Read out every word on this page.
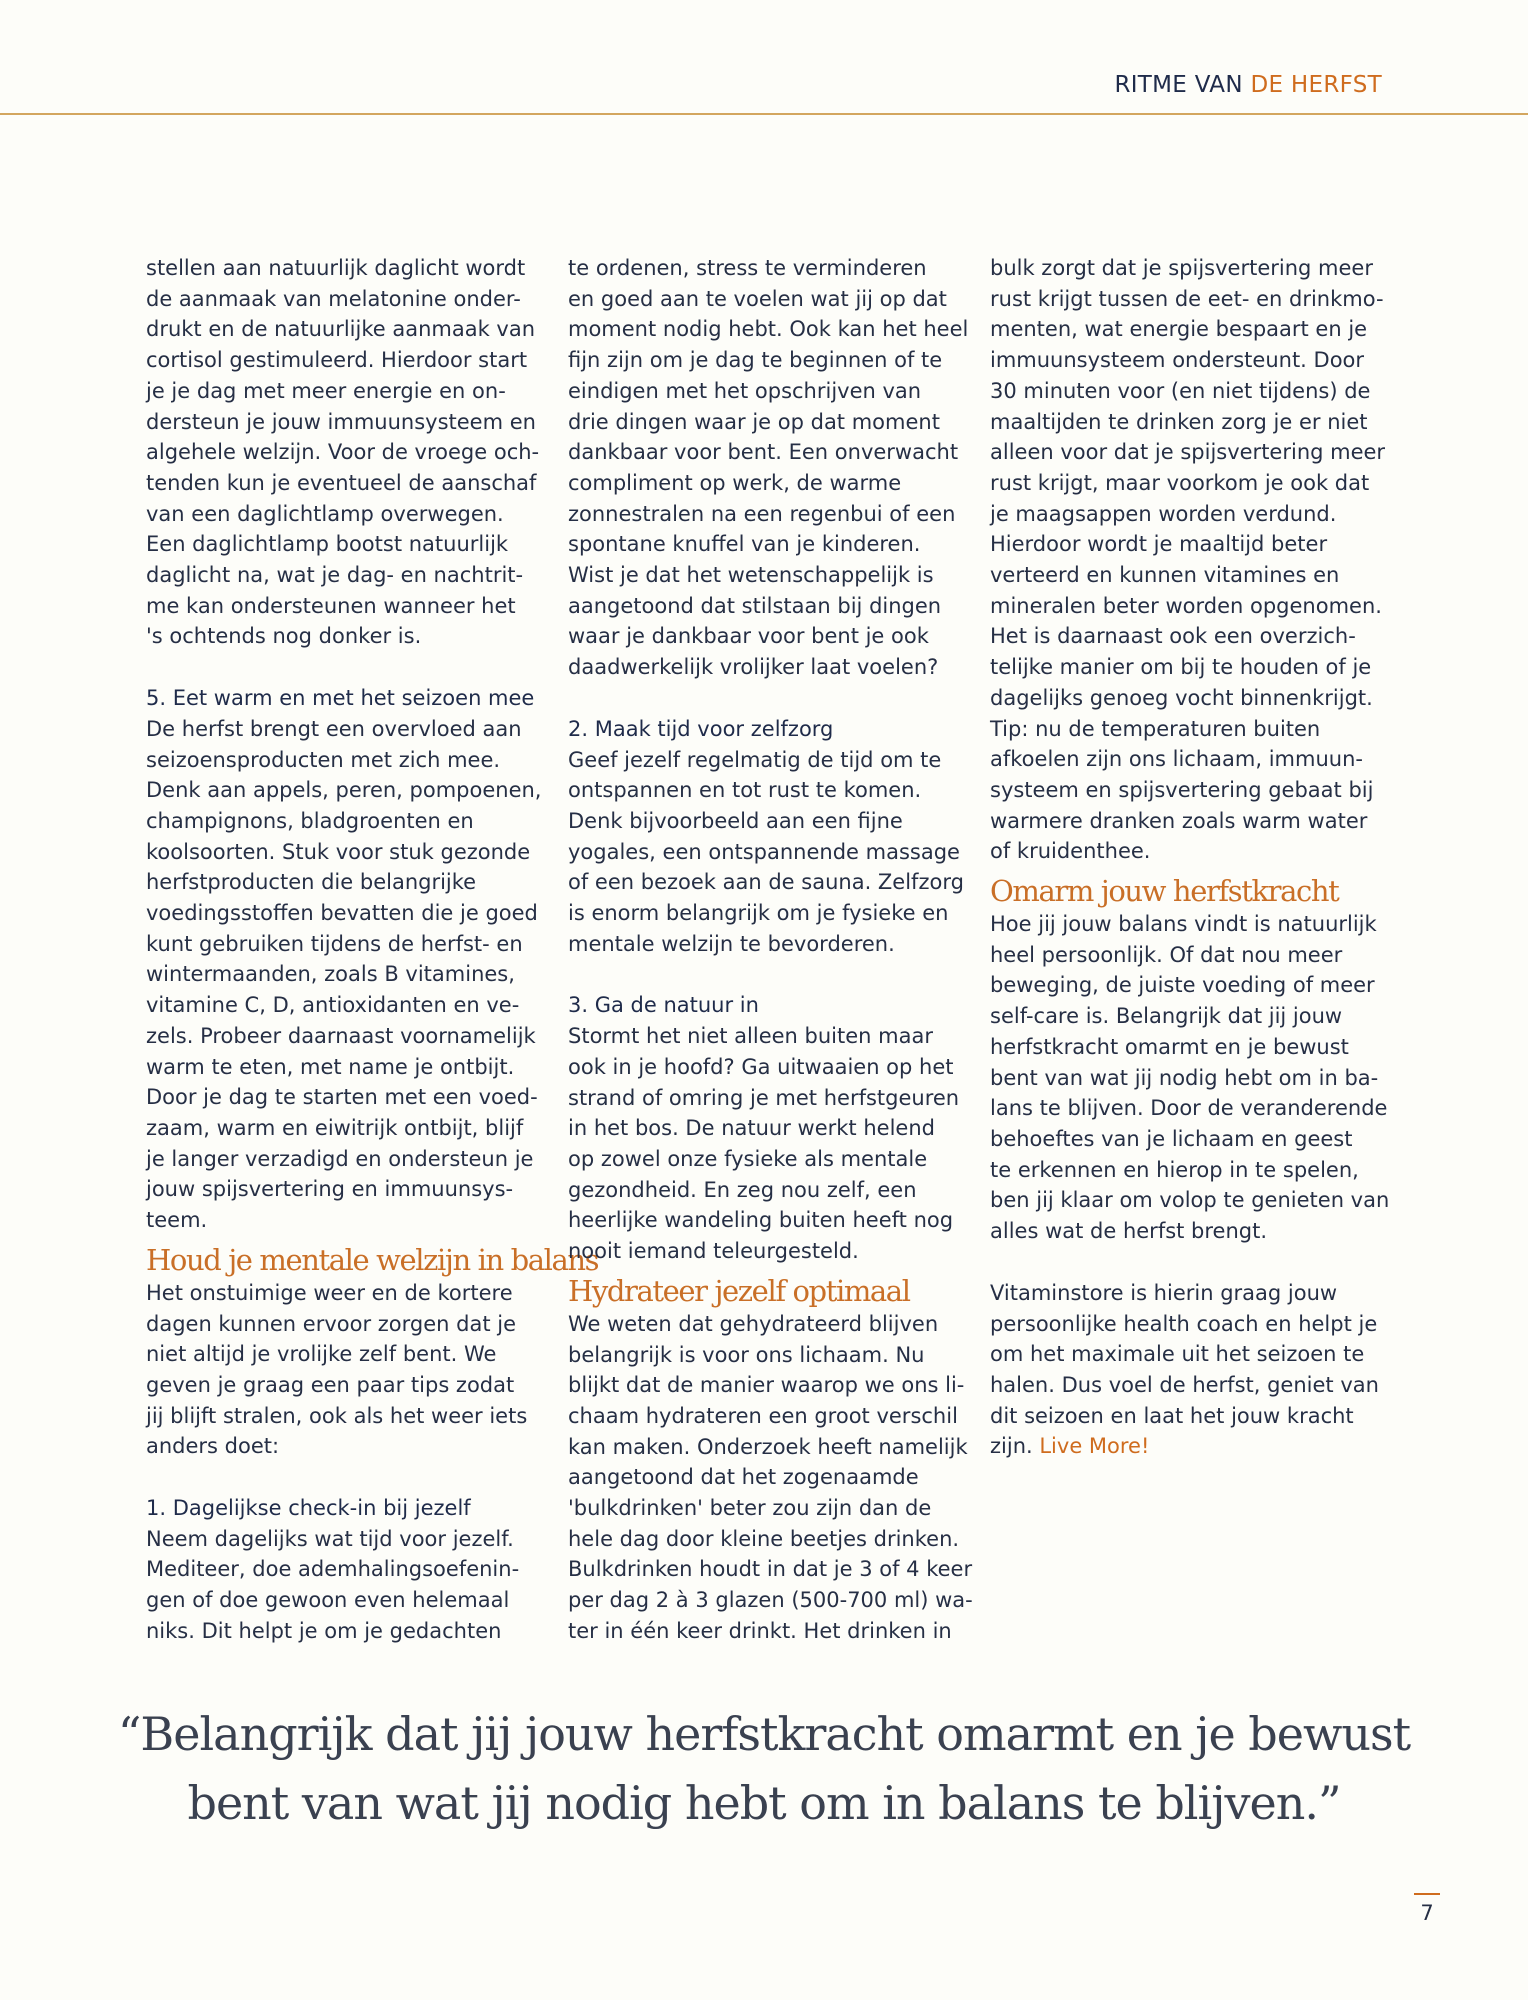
RITME VAN DE HERFST

stellen aan natuurlijk daglicht wordt
de aanmaak van melatonine onder-
drukt en de natuurlijke aanmaak van
cortisol gestimuleerd. Hierdoor start
je je dag met meer energie en on-
dersteun je jouw immuunsysteem en
algehele welzijn. Voor de vroege och-
tenden kun je eventueel de aanschaf
van een daglichtlamp overwegen.
Een daglichtlamp bootst natuurlijk
daglicht na, wat je dag- en nachtrit-
me kan ondersteunen wanneer het
's ochtends nog donker is.

5. Eet warm en met het seizoen mee

De herfst brengt een overvloed aan
seizoensproducten met zich mee.
Denk aan appels, peren, pompoenen,
champignons, bladgroenten en
koolsoorten. Stuk voor stuk gezonde
herfstproducten die belangrijke
voedingsstoffen bevatten die je goed
kunt gebruiken tijdens de herfst- en
wintermaanden, zoals B vitamines,
vitamine C, D, antioxidanten en ve-
zels. Probeer daarnaast voornamelijk
warm te eten, met name je ontbijt.
Door je dag te starten met een voed-
zaam, warm en eiwitrijk ontbijt, blijf
je langer verzadigd en ondersteun je
jouw spijsvertering en immuunsys-
teem.

Houd je mentale welzijn in balans

Het onstuimige weer en de kortere
dagen kunnen ervoor zorgen dat je
niet altijd je vrolijke zelf bent. We
geven je graag een paar tips zodat
jij blijft stralen, ook als het weer iets
anders doet:

1. Dagelijkse check-in bij jezelf

Neem dagelijks wat tijd voor jezelf.
Mediteer, doe ademhalingsoefenin-
gen of doe gewoon even helemaal
niks. Dit helpt je om je gedachten

te ordenen, stress te verminderen
en goed aan te voelen wat jij op dat
moment nodig hebt. Ook kan het heel
fijn zijn om je dag te beginnen of te
eindigen met het opschrijven van
drie dingen waar je op dat moment
dankbaar voor bent. Een onverwacht
compliment op werk, de warme
zonnestralen na een regenbui of een
spontane knuffel van je kinderen.
Wist je dat het wetenschappelijk is
aangetoond dat stilstaan bij dingen
waar je dankbaar voor bent je ook
daadwerkelijk vrolijker laat voelen?

2. Maak tijd voor zelfzorg

Geef jezelf regelmatig de tijd om te
ontspannen en tot rust te komen.
Denk bijvoorbeeld aan een fijne
yogales, een ontspannende massage
of een bezoek aan de sauna. Zelfzorg
is enorm belangrijk om je fysieke en
mentale welzijn te bevorderen.

3. Ga de natuur in

Stormt het niet alleen buiten maar
ook in je hoofd? Ga uitwaaien op het
strand of omring je met herfstgeuren
in het bos. De natuur werkt helend
op zowel onze fysieke als mentale
gezondheid. En zeg nou zelf, een
heerlijke wandeling buiten heeft nog
nooit iemand teleurgesteld.

Hydrateer jezelf optimaal

We weten dat gehydrateerd blijven
belangrijk is voor ons lichaam. Nu
blijkt dat de manier waarop we ons li-
chaam hydrateren een groot verschil
kan maken. Onderzoek heeft namelijk
aangetoond dat het zogenaamde
'bulkdrinken' beter zou zijn dan de
hele dag door kleine beetjes drinken.
Bulkdrinken houdt in dat je 3 of 4 keer
per dag 2 à 3 glazen (500-700 ml) wa-
ter in één keer drinkt. Het drinken in

bulk zorgt dat je spijsvertering meer
rust krijgt tussen de eet- en drinkmo-
menten, wat energie bespaart en je
immuunsysteem ondersteunt. Door
30 minuten voor (en niet tijdens) de
maaltijden te drinken zorg je er niet
alleen voor dat je spijsvertering meer
rust krijgt, maar voorkom je ook dat
je maagsappen worden verdund.
Hierdoor wordt je maaltijd beter
verteerd en kunnen vitamines en
mineralen beter worden opgenomen.
Het is daarnaast ook een overzich-
telijke manier om bij te houden of je
dagelijks genoeg vocht binnenkrijgt.
Tip: nu de temperaturen buiten
afkoelen zijn ons lichaam, immuun-
systeem en spijsvertering gebaat bij
warmere dranken zoals warm water
of kruidenthee.

Omarm jouw herfstkracht

Hoe jij jouw balans vindt is natuurlijk
heel persoonlijk. Of dat nou meer
beweging, de juiste voeding of meer
self-care is. Belangrijk dat jij jouw
herfstkracht omarmt en je bewust
bent van wat jij nodig hebt om in ba-
lans te blijven. Door de veranderende
behoeftes van je lichaam en geest
te erkennen en hierop in te spelen,
ben jij klaar om volop te genieten van
alles wat de herfst brengt.

Vitaminstore is hierin graag jouw
persoonlijke health coach en helpt je
om het maximale uit het seizoen te
halen. Dus voel de herfst, geniet van
dit seizoen en laat het jouw kracht
zijn. Live More!

“Belangrijk dat jij jouw herfstkracht omarmt en je bewust
bent van wat jij nodig hebt om in balans te blijven.”
7
